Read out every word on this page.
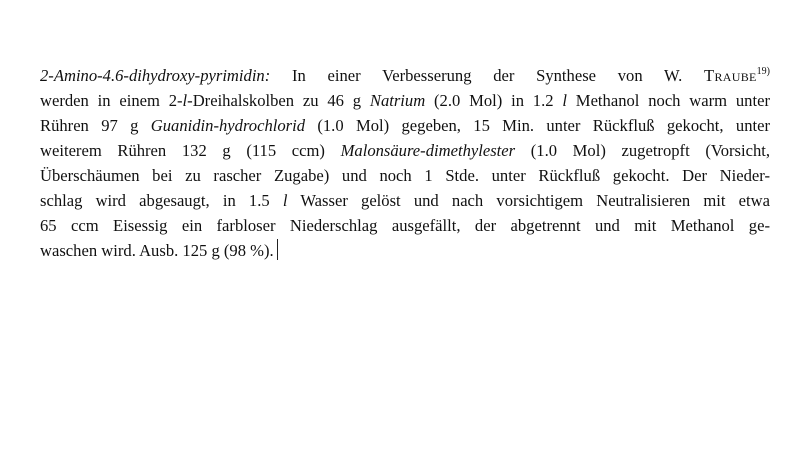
2-Amino-4.6-dihydroxy-pyrimidin: In einer Verbesserung der Synthese von W. Traube$^{19)}$
werden in einem 2-l-Dreihalskolben zu 46 g Natrium (2.0 Mol) in 1.2 l Methanol noch warm unter
Rühren 97 g Guanidin-hydrochlorid (1.0 Mol) gegeben, 15 Min. unter Rückfluß gekocht, unter
weiterem Rühren 132 g (115 ccm) Malonsäure-dimethylester (1.0 Mol) zugetropft (Vorsicht,
Überschäumen bei zu rascher Zugabe) und noch 1 Stde. unter Rückfluß gekocht. Der Nieder-
schlag wird abgesaugt, in 1.5 l Wasser gelöst und nach vorsichtigem Neutralisieren mit etwa
65 ccm Eisessig ein farbloser Niederschlag ausgefällt, der abgetrennt und mit Methanol ge-
waschen wird. Ausb. 125 g (98 %).
